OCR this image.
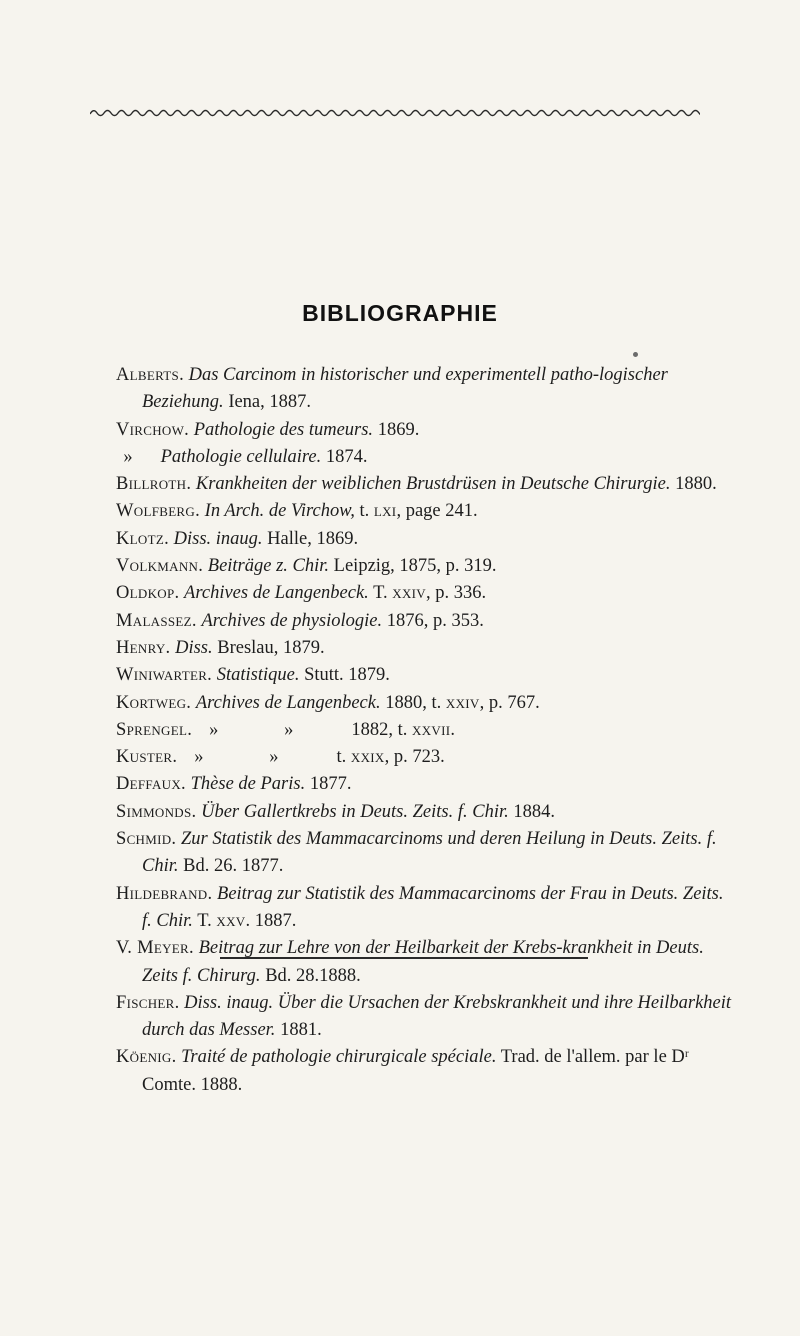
BIBLIOGRAPHIE

Alberts. Das Carcinom in historischer und experimentell patho-logischer Beziehung. Iena, 1887.

Virchow. Pathologie des tumeurs. 1869.

» Pathologie cellulaire. 1874.

Billroth. Krankheiten der weiblichen Brustdrüsen in Deutsche Chirurgie. 1880.

Wolfberg. In Arch. de Virchow, t. lxi, page 241.

Klotz. Diss. inaug. Halle, 1869.

Volkmann. Beiträge z. Chir. Leipzig, 1875, p. 319.

Oldkop. Archives de Langenbeck. T. xxiv, p. 336.

Malassez. Archives de physiologie. 1876, p. 353.

Henry. Diss. Breslau, 1879.

Winiwarter. Statistique. Stutt. 1879.

Kortweg. Archives de Langenbeck. 1880, t. xxiv, p. 767.

Sprengel. »	»	1882, t. xxvii.

Kuster. »	»	t. xxix, p. 723.

Deffaux. Thèse de Paris. 1877.

Simmonds. Über Gallertkrebs in Deuts. Zeits. f. Chir. 1884.

Schmid. Zur Statistik des Mammacarcinoms und deren Heilung in Deuts. Zeits. f. Chir. Bd. 26. 1877.

Hildebrand. Beitrag zur Statistik des Mammacarcinoms der Frau in Deuts. Zeits. f. Chir. T. xxv. 1887.

V. Meyer. Beitrag zur Lehre von der Heilbarkeit der Krebs-krankheit in Deuts. Zeits f. Chirurg. Bd. 28.1888.

Fischer. Diss. inaug. Über die Ursachen der Krebskrankheit und ihre Heilbarkheit durch das Messer. 1881.

Köenig. Traité de pathologie chirurgicale spéciale. Trad. de l'allem. par le Dʳ Comte. 1888.
